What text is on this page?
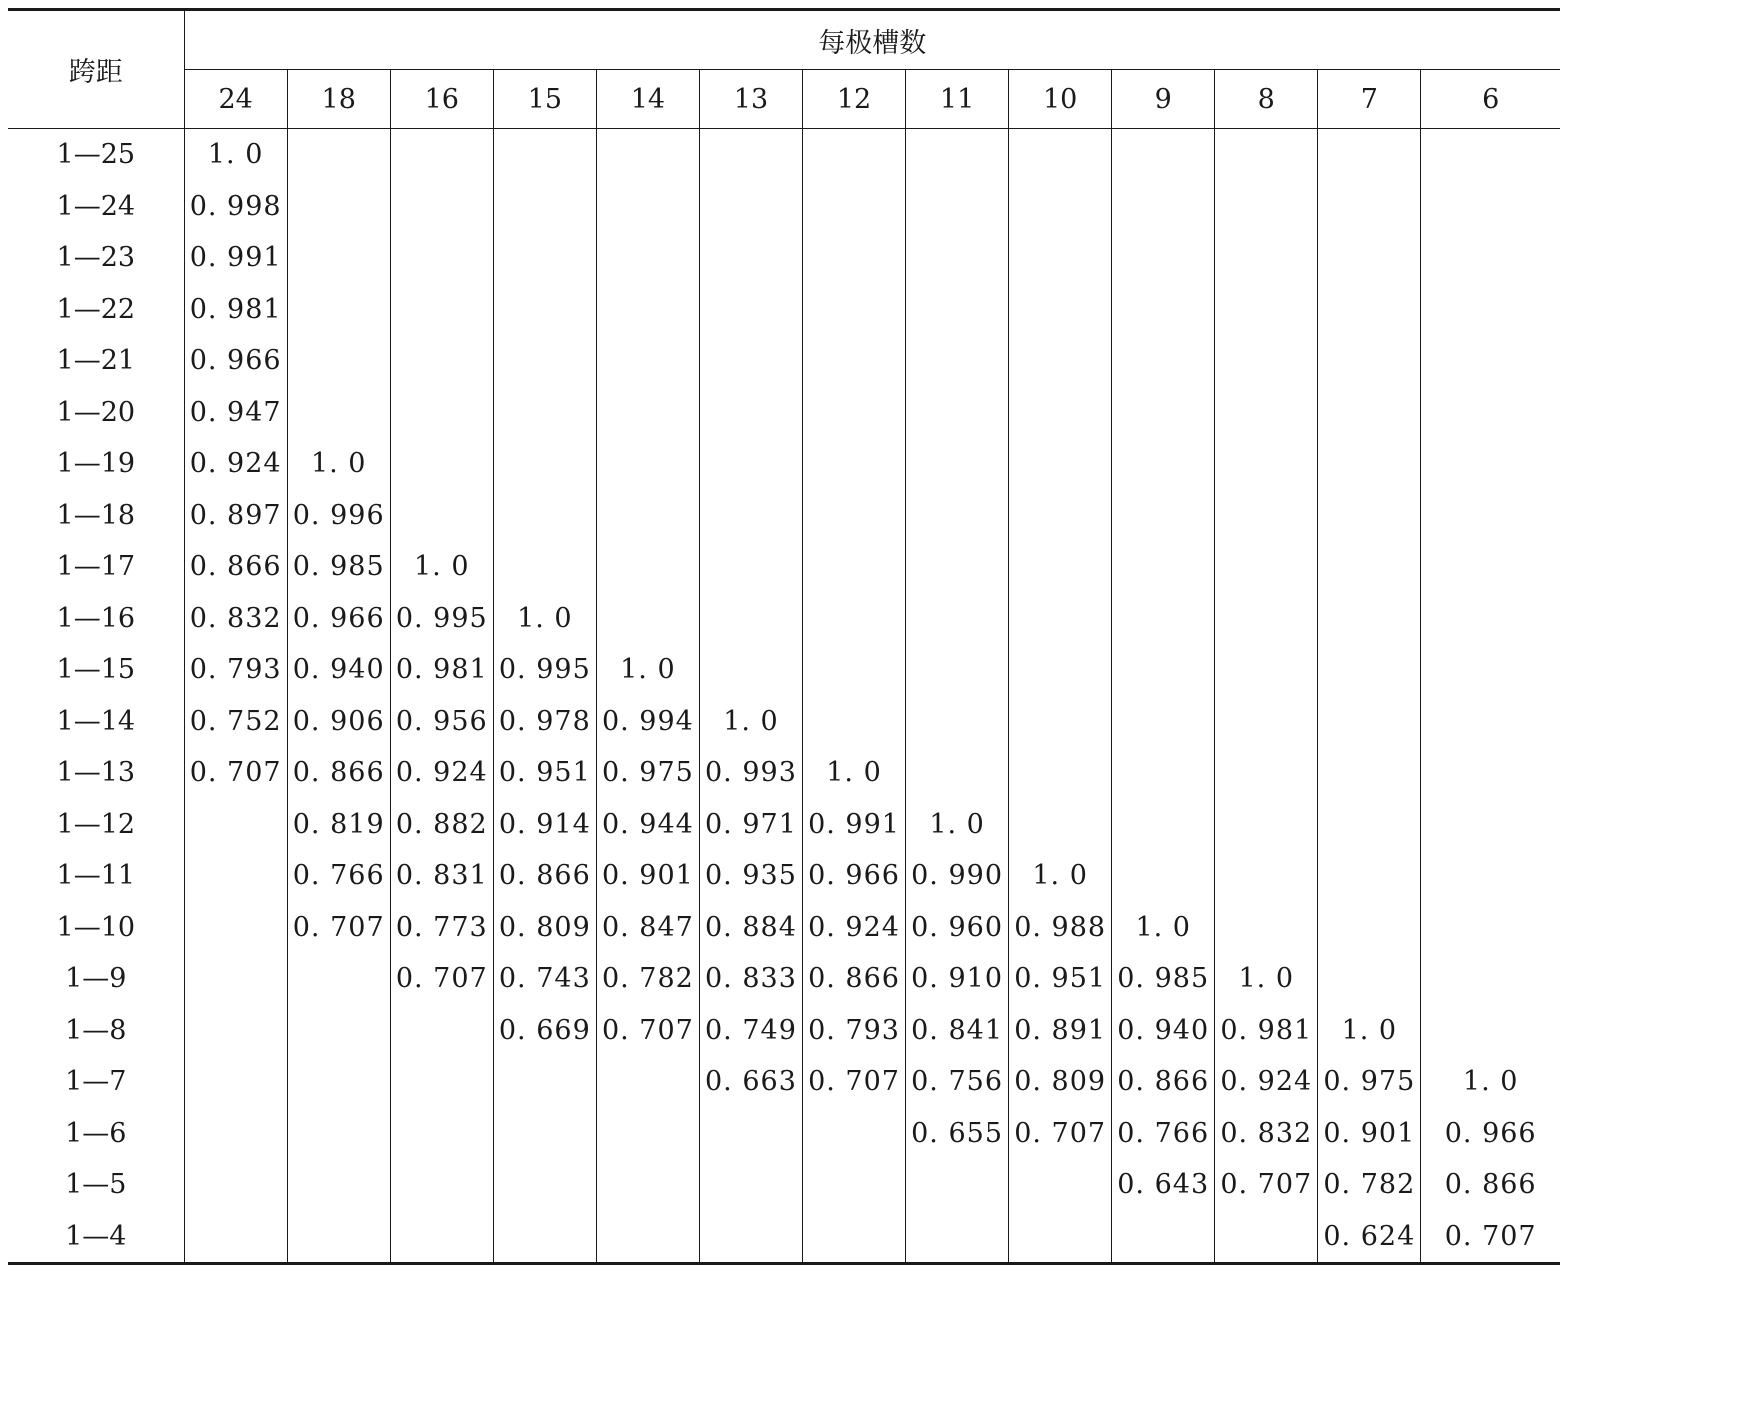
跨距	每极槽数												
	24	18	16	15	14	13	12	11	10	9	8	7	6
1—25	1. 0												
1—24	0. 998												
1—23	0. 991												
1—22	0. 981												
1—21	0. 966												
1—20	0. 947												
1—19	0. 924	1. 0											
1—18	0. 897	0. 996											
1—17	0. 866	0. 985	1. 0										
1—16	0. 832	0. 966	0. 995	1. 0									
1—15	0. 793	0. 940	0. 981	0. 995	1. 0								
1—14	0. 752	0. 906	0. 956	0. 978	0. 994	1. 0							
1—13	0. 707	0. 866	0. 924	0. 951	0. 975	0. 993	1. 0						
1—12		0. 819	0. 882	0. 914	0. 944	0. 971	0. 991	1. 0					
1—11		0. 766	0. 831	0. 866	0. 901	0. 935	0. 966	0. 990	1. 0				
1—10		0. 707	0. 773	0. 809	0. 847	0. 884	0. 924	0. 960	0. 988	1. 0			
1—9			0. 707	0. 743	0. 782	0. 833	0. 866	0. 910	0. 951	0. 985	1. 0		
1—8				0. 669	0. 707	0. 749	0. 793	0. 841	0. 891	0. 940	0. 981	1. 0	
1—7						0. 663	0. 707	0. 756	0. 809	0. 866	0. 924	0. 975	1. 0
1—6								0. 655	0. 707	0. 766	0. 832	0. 901	0. 966
1—5										0. 643	0. 707	0. 782	0. 866
1—4												0. 624	0. 707
